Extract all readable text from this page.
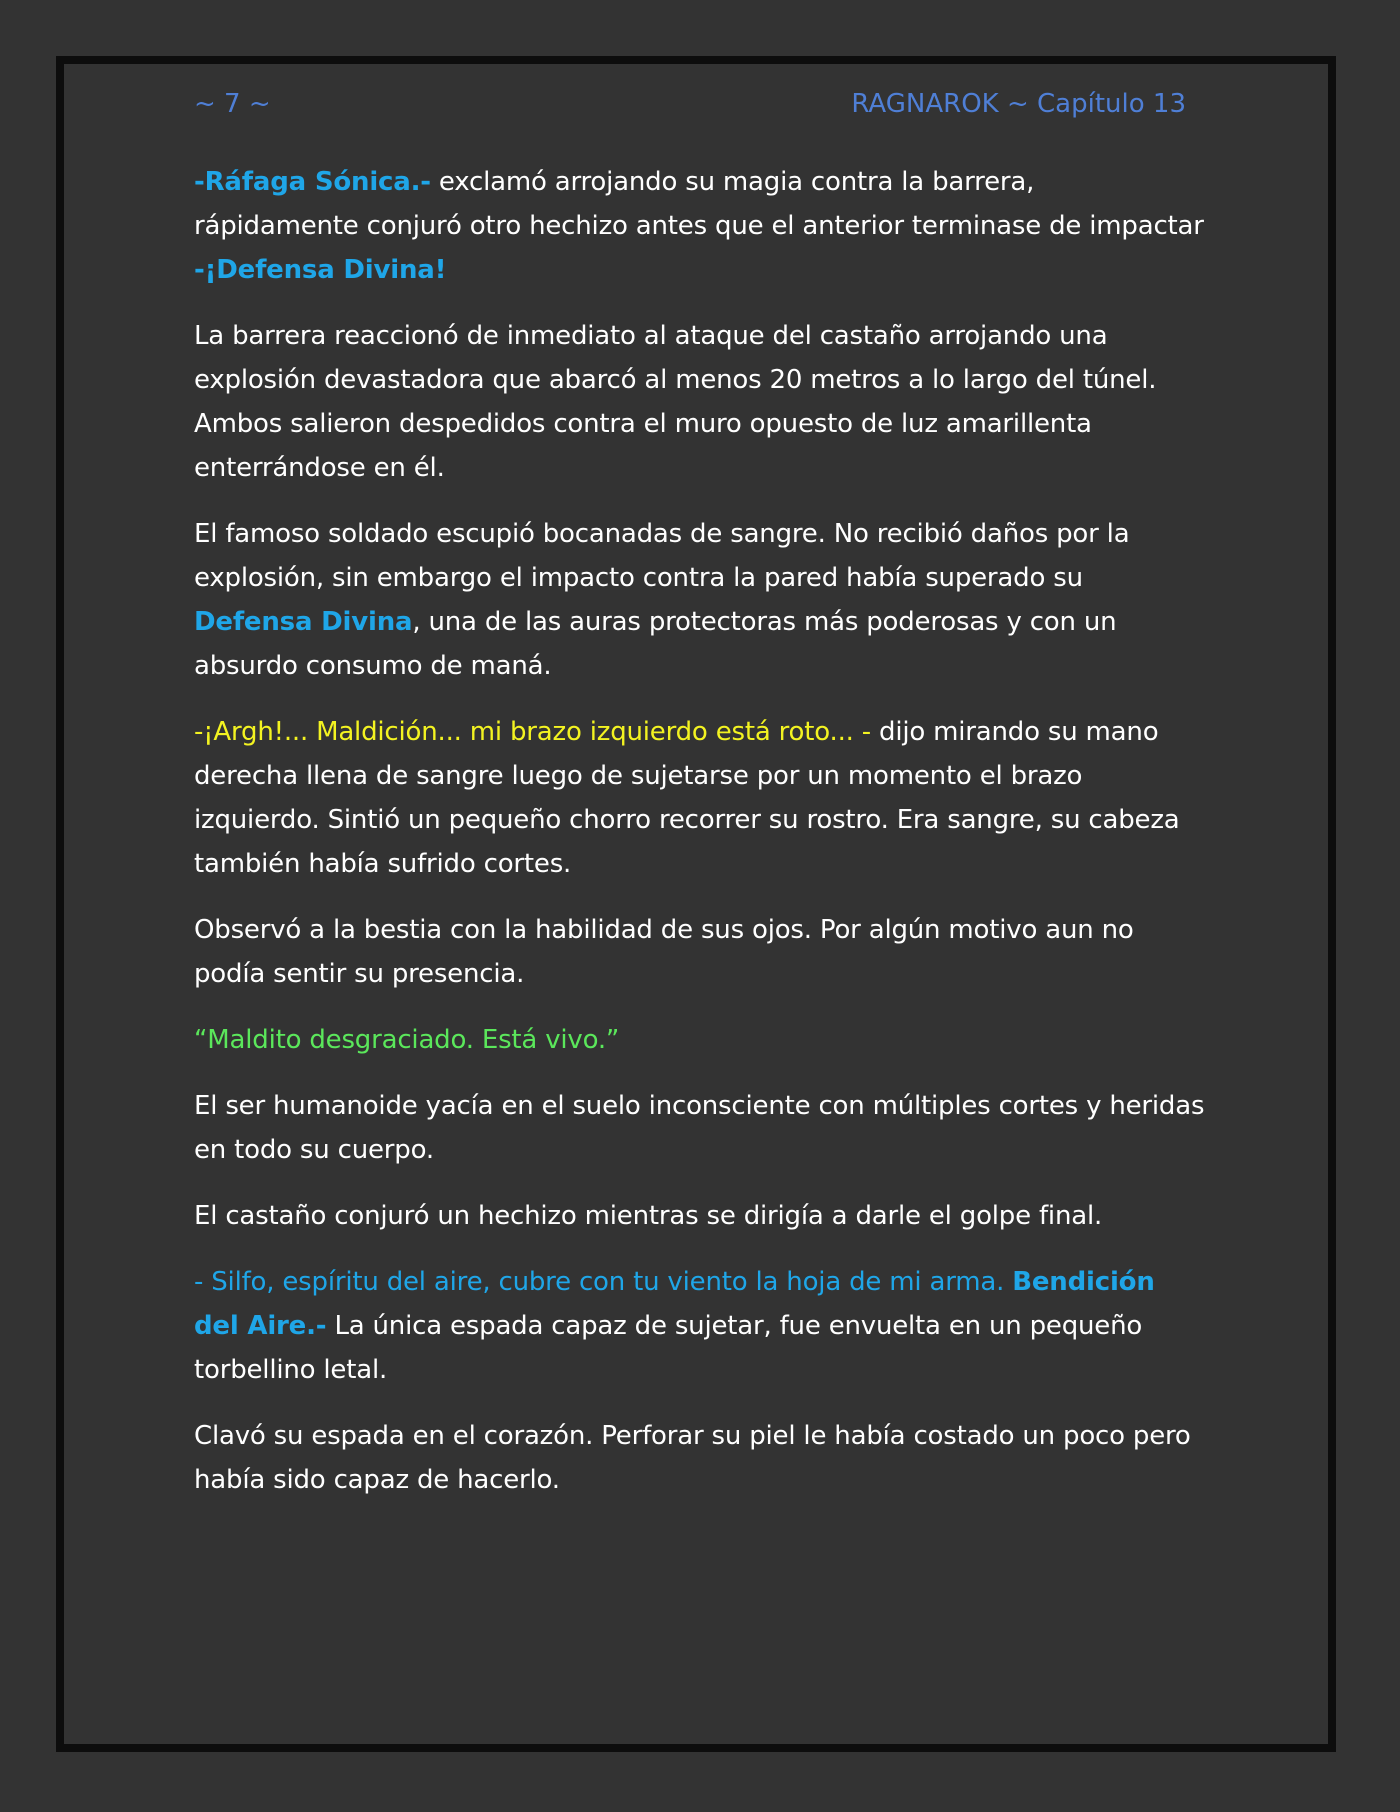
~ 7 ~	RAGNAROK ~ Capítulo 13

-Ráfaga Sónica.- exclamó arrojando su magia contra la barrera, rápidamente conjuró otro hechizo antes que el anterior terminase de impactar -¡Defensa Divina!

La barrera reaccionó de inmediato al ataque del castaño arrojando una explosión devastadora que abarcó al menos 20 metros a lo largo del túnel. Ambos salieron despedidos contra el muro opuesto de luz amarillenta enterrándose en él.

El famoso soldado escupió bocanadas de sangre. No recibió daños por la explosión, sin embargo el impacto contra la pared había superado su Defensa Divina, una de las auras protectoras más poderosas y con un absurdo consumo de maná.

-¡Argh!... Maldición... mi brazo izquierdo está roto... - dijo mirando su mano derecha llena de sangre luego de sujetarse por un momento el brazo izquierdo. Sintió un pequeño chorro recorrer su rostro. Era sangre, su cabeza también había sufrido cortes.

Observó a la bestia con la habilidad de sus ojos. Por algún motivo aun no podía sentir su presencia.

“Maldito desgraciado. Está vivo.”

El ser humanoide yacía en el suelo inconsciente con múltiples cortes y heridas en todo su cuerpo.

El castaño conjuró un hechizo mientras se dirigía a darle el golpe final.

- Silfo, espíritu del aire, cubre con tu viento la hoja de mi arma. Bendición del Aire.- La única espada capaz de sujetar, fue envuelta en un pequeño torbellino letal.

Clavó su espada en el corazón. Perforar su piel le había costado un poco pero había sido capaz de hacerlo.
